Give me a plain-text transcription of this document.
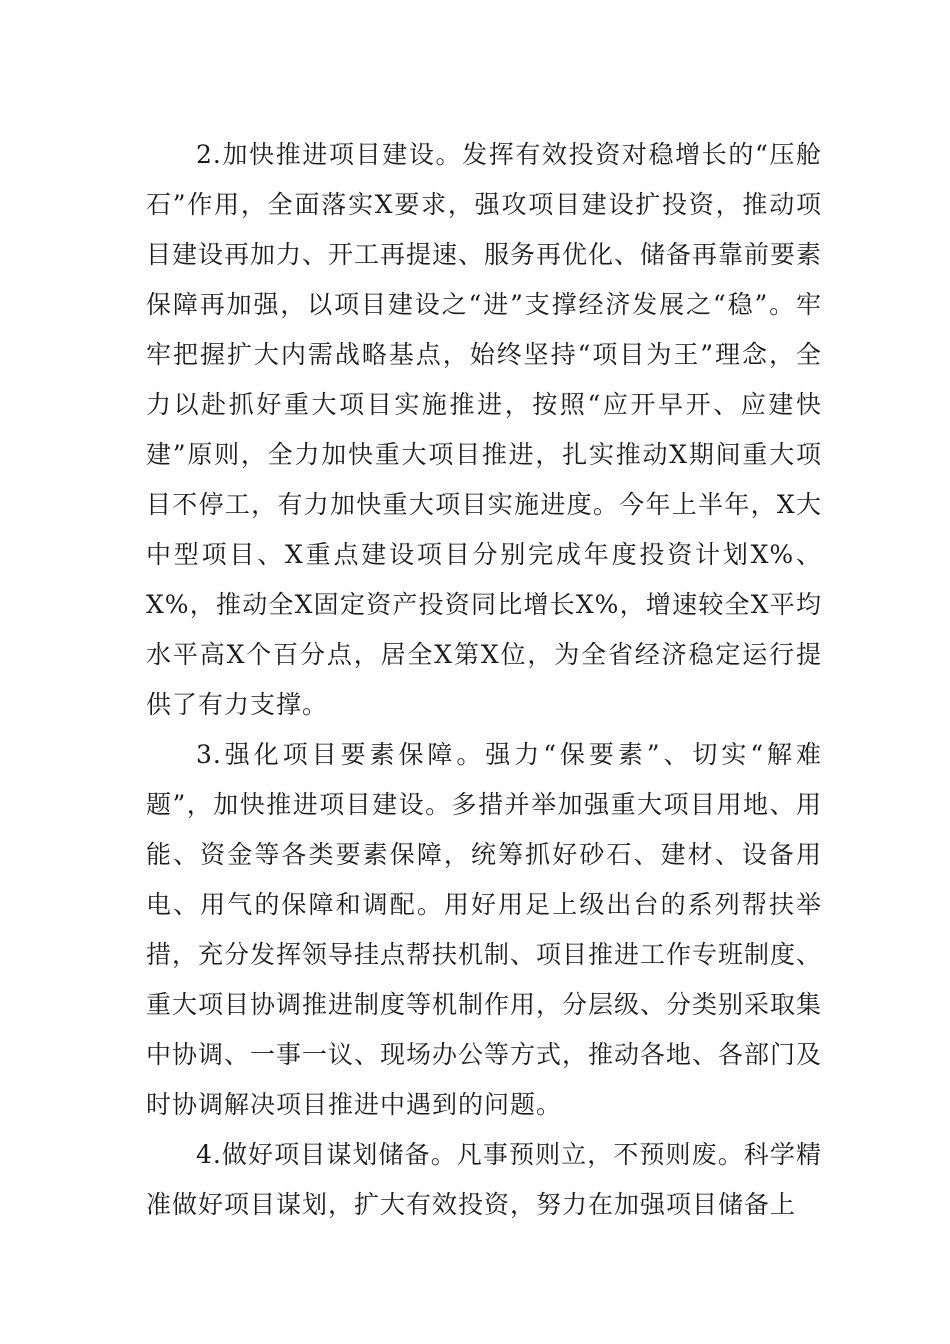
2.加快推进项目建设。发挥有效投资对稳增长的“压舱石”作用，全面落实X要求，强攻项目建设扩投资，推动项目建设再加力、开工再提速、服务再优化、储备再靠前要素保障再加强，以项目建设之“进”支撑经济发展之“稳”。牢牢把握扩大内需战略基点，始终坚持“项目为王”理念，全力以赴抓好重大项目实施推进，按照“应开早开、应建快建”原则，全力加快重大项目推进，扎实推动X期间重大项目不停工，有力加快重大项目实施进度。今年上半年，X大中型项目、X重点建设项目分别完成年度投资计划X%、X%，推动全X固定资产投资同比增长X%，增速较全X平均水平高X个百分点，居全X第X位，为全省经济稳定运行提供了有力支撑。

3.强化项目要素保障。强力“保要素”、切实“解难题”，加快推进项目建设。多措并举加强重大项目用地、用能、资金等各类要素保障，统筹抓好砂石、建材、设备用电、用气的保障和调配。用好用足上级出台的系列帮扶举措，充分发挥领导挂点帮扶机制、项目推进工作专班制度、重大项目协调推进制度等机制作用，分层级、分类别采取集中协调、一事一议、现场办公等方式，推动各地、各部门及时协调解决项目推进中遇到的问题。

4.做好项目谋划储备。凡事预则立，不预则废。科学精准做好项目谋划，扩大有效投资，努力在加强项目储备上
